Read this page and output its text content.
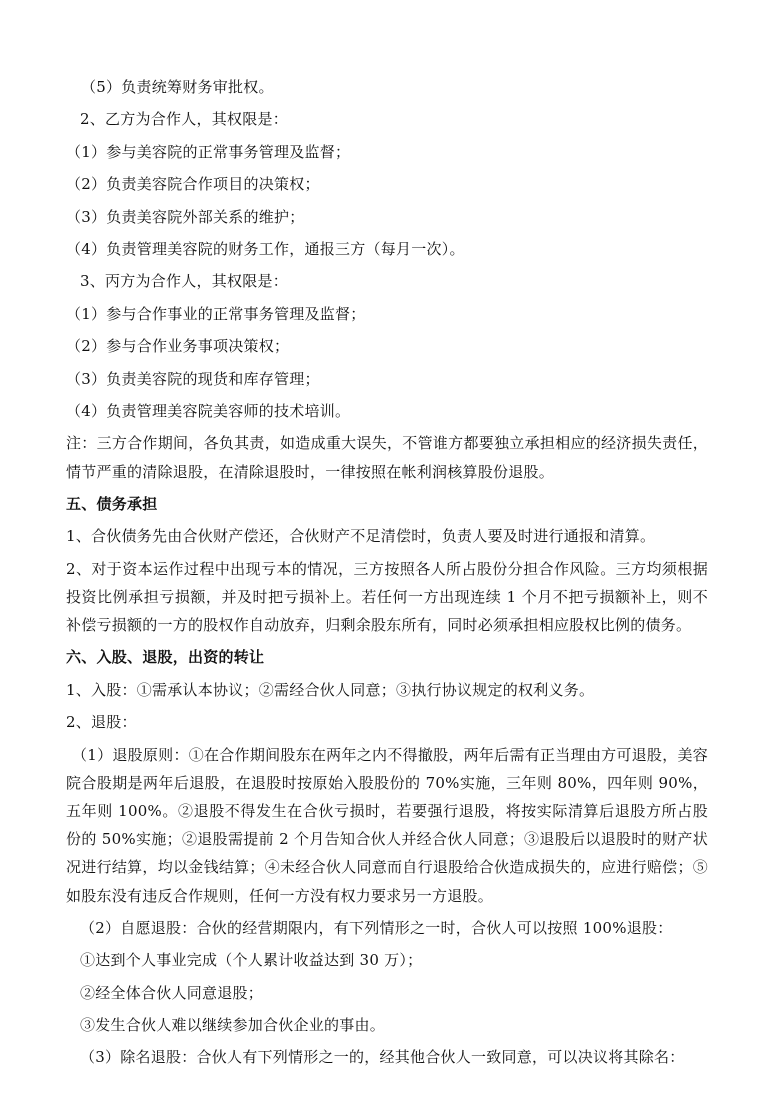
（5）负责统筹财务审批权。

2、乙方为合作人，其权限是：

（1）参与美容院的正常事务管理及监督；

（2）负责美容院合作项目的决策权；

（3）负责美容院外部关系的维护；

（4）负责管理美容院的财务工作，通报三方（每月一次）。

3、丙方为合作人，其权限是：

（1）参与合作事业的正常事务管理及监督；

（2）参与合作业务事项决策权；

（3）负责美容院的现货和库存管理；

（4）负责管理美容院美容师的技术培训。

注：三方合作期间，各负其责，如造成重大误失，不管谁方都要独立承担相应的经济损失责任，情节严重的清除退股，在清除退股时，一律按照在帐利润核算股份退股。

五、债务承担

1、合伙债务先由合伙财产偿还，合伙财产不足清偿时，负责人要及时进行通报和清算。

2、对于资本运作过程中出现亏本的情况，三方按照各人所占股份分担合作风险。三方均须根据投资比例承担亏损额，并及时把亏损补上。若任何一方出现连续 1 个月不把亏损额补上，则不补偿亏损额的一方的股权作自动放弃，归剩余股东所有，同时必须承担相应股权比例的债务。

六、入股、退股，出资的转让

1、入股：①需承认本协议；②需经合伙人同意；③执行协议规定的权利义务。

2、退股：

（1）退股原则：①在合作期间股东在两年之内不得撤股，两年后需有正当理由方可退股，美容院合股期是两年后退股，在退股时按原始入股股份的 70%实施，三年则 80%，四年则 90%，五年则 100%。②退股不得发生在合伙亏损时，若要强行退股，将按实际清算后退股方所占股份的 50%实施；②退股需提前 2 个月告知合伙人并经合伙人同意；③退股后以退股时的财产状况进行结算，均以金钱结算；④未经合伙人同意而自行退股给合伙造成损失的，应进行赔偿；⑤如股东没有违反合作规则，任何一方没有权力要求另一方退股。

（2）自愿退股：合伙的经营期限内，有下列情形之一时，合伙人可以按照 100%退股：

①达到个人事业完成（个人累计收益达到 30 万）；

②经全体合伙人同意退股；

③发生合伙人难以继续参加合伙企业的事由。

（3）除名退股：合伙人有下列情形之一的，经其他合伙人一致同意，可以决议将其除名：
